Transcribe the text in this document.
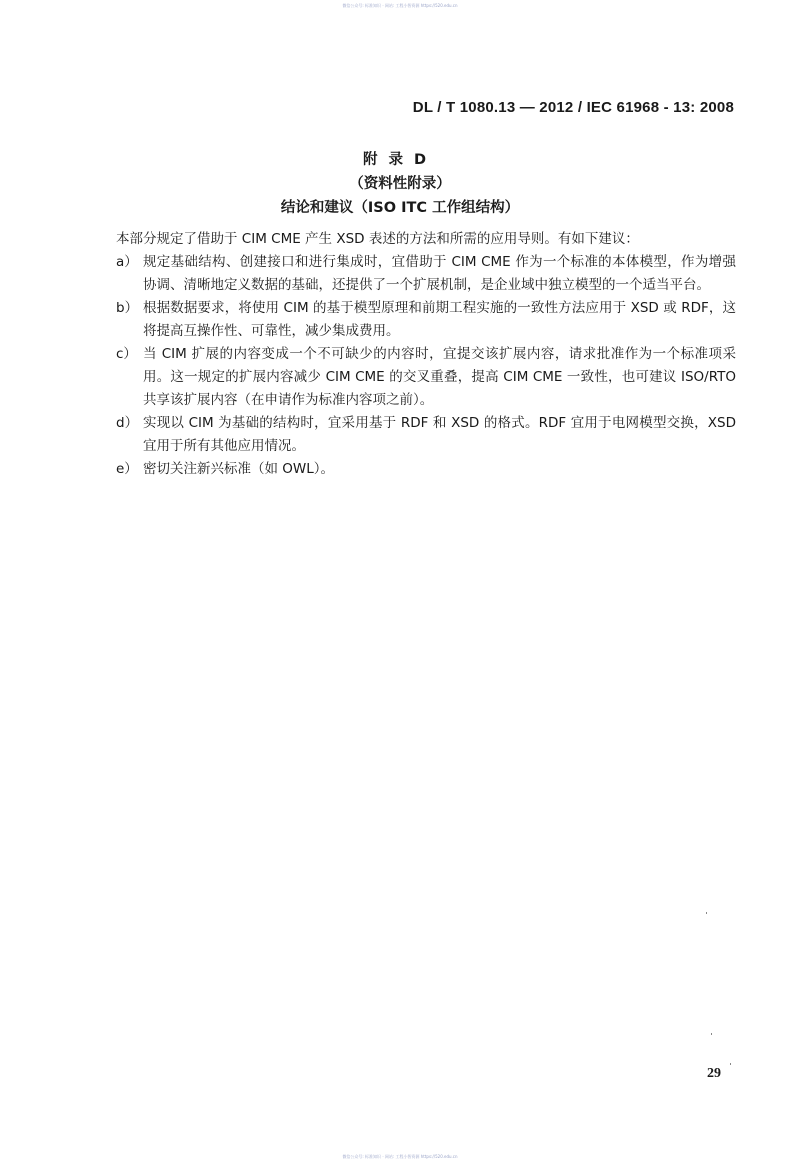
微信公众号: 标准知识 · 网站: 工程小智资源 https://520.edu.cn
DL / T 1080.13 — 2012 / IEC 61968 - 13: 2008
附录D
（资料性附录）
结论和建议（ISO ITC 工作组结构）

本部分规定了借助于 CIM CME 产生 XSD 表述的方法和所需的应用导则。有如下建议：

a） 规定基础结构、创建接口和进行集成时，宜借助于 CIM CME 作为一个标准的本体模型，作为增强协调、清晰地定义数据的基础，还提供了一个扩展机制，是企业域中独立模型的一个适当平台。

b） 根据数据要求，将使用 CIM 的基于模型原理和前期工程实施的一致性方法应用于 XSD 或 RDF，这将提高互操作性、可靠性，减少集成费用。

c） 当 CIM 扩展的内容变成一个不可缺少的内容时，宜提交该扩展内容，请求批准作为一个标准项采用。这一规定的扩展内容减少 CIM CME 的交叉重叠，提高 CIM CME 一致性，也可建议 ISO/RTO 共享该扩展内容（在申请作为标准内容项之前）。

d） 实现以 CIM 为基础的结构时，宜采用基于 RDF 和 XSD 的格式。RDF 宜用于电网模型交换，XSD 宜用于所有其他应用情况。

e） 密切关注新兴标准（如 OWL）。

29
微信公众号: 标准知识 · 网站: 工程小智资源 https://520.edu.cn
